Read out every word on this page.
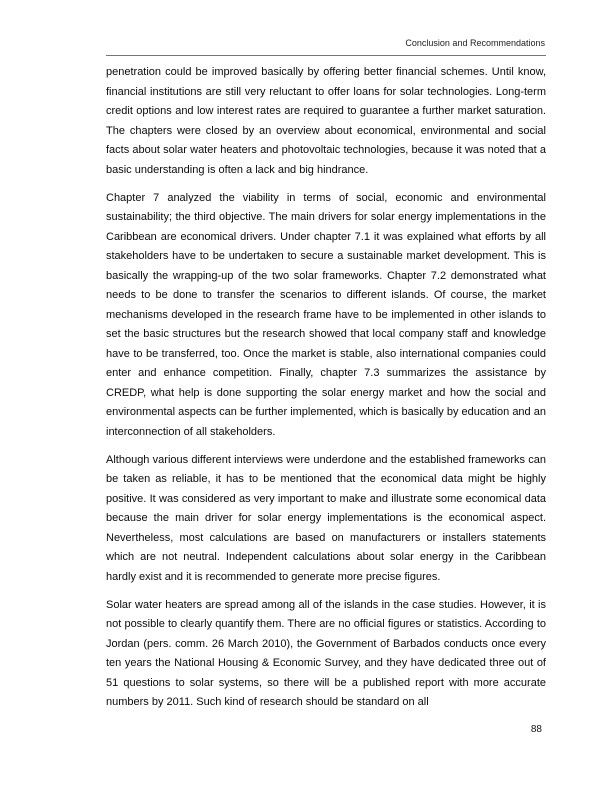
Conclusion and Recommendations

penetration could be improved basically by offering better financial schemes. Until know, financial institutions are still very reluctant to offer loans for solar technologies. Long-term credit options and low interest rates are required to guarantee a further market saturation. The chapters were closed by an overview about economical, environmental and social facts about solar water heaters and photovoltaic technologies, because it was noted that a basic understanding is often a lack and big hindrance.

Chapter 7 analyzed the viability in terms of social, economic and environmental sustainability; the third objective. The main drivers for solar energy implementations in the Caribbean are economical drivers. Under chapter 7.1 it was explained what efforts by all stakeholders have to be undertaken to secure a sustainable market development. This is basically the wrapping-up of the two solar frameworks. Chapter 7.2 demonstrated what needs to be done to transfer the scenarios to different islands. Of course, the market mechanisms developed in the research frame have to be implemented in other islands to set the basic structures but the research showed that local company staff and knowledge have to be transferred, too. Once the market is stable, also international companies could enter and enhance competition. Finally, chapter 7.3 summarizes the assistance by CREDP, what help is done supporting the solar energy market and how the social and environmental aspects can be further implemented, which is basically by education and an interconnection of all stakeholders.

Although various different interviews were underdone and the established frameworks can be taken as reliable, it has to be mentioned that the economical data might be highly positive. It was considered as very important to make and illustrate some economical data because the main driver for solar energy implementations is the economical aspect. Nevertheless, most calculations are based on manufacturers or installers statements which are not neutral. Independent calculations about solar energy in the Caribbean hardly exist and it is recommended to generate more precise figures.

Solar water heaters are spread among all of the islands in the case studies. However, it is not possible to clearly quantify them. There are no official figures or statistics. According to Jordan (pers. comm. 26 March 2010), the Government of Barbados conducts once every ten years the National Housing & Economic Survey, and they have dedicated three out of 51 questions to solar systems, so there will be a published report with more accurate numbers by 2011. Such kind of research should be standard on all

88
